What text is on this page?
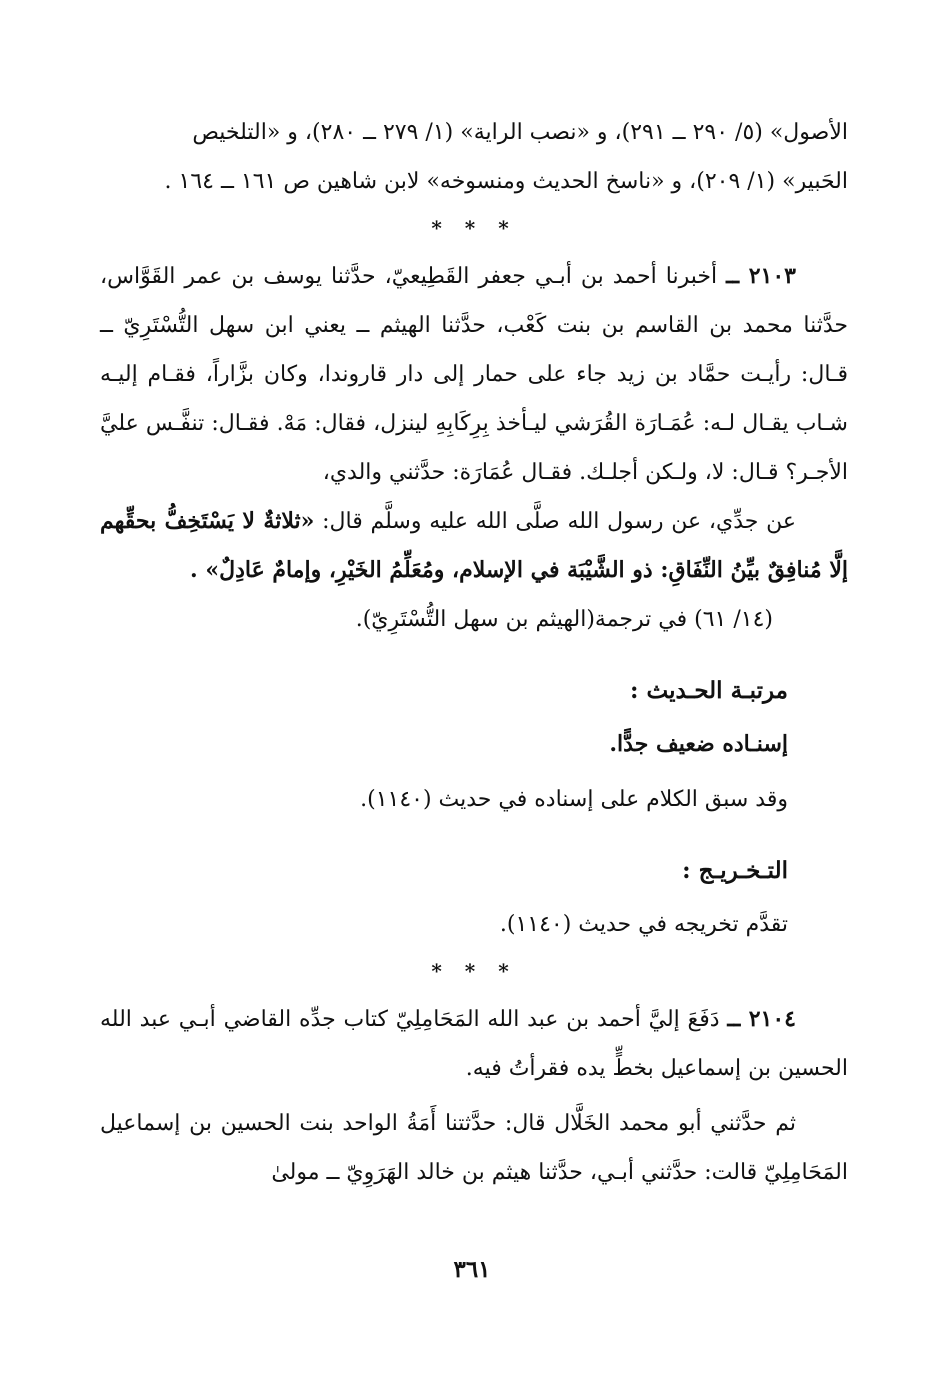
الأصول» (٥/ ٢٩٠ ــ ٢٩١)، و «نصب الراية» (١/ ٢٧٩ ــ ٢٨٠)، و «التلخيص
الحَبير» (١/ ٢٠٩)، و «ناسخ الحديث ومنسوخه» لابن شاهين ص ١٦١ ــ ١٦٤ .

* * *

٢١٠٣ ــ أخبرنا أحمد بن أبـي جعفر القَطِيعيّ، حدَّثنا يوسف بن عمر القَوَّاس، حدَّثنا محمد بن القاسم بن بنت كَعْب، حدَّثنا الهيثم ــ يعني ابن سهل التُّسْتَرِيّ ــ قـال: رأيـت حمَّاد بن زيد جاء على حمار إلى دار قاروندا، وكان بزَّاراً، فقـام إليـه شـاب يقـال لـه: عُمَـارَة القُرَشي ليـأخذ بِرِكَابِهِ لينزل، فقال: مَهْ. فقـال: تنفَّـس عليَّ الأجـر؟ قـال: لا، ولـكن أجلـك. فقـال عُمَارَة: حدَّثني والدي،

عن جدِّي، عن رسول الله صلَّى الله عليه وسلَّم قال: «ثلاثةٌ لا يَسْتَخِفُّ بحقِّهم إلَّا مُنافِقٌ بيِّنُ النِّفَاقِ: ذو الشَّيْبَة في الإسلام، ومُعَلِّمُ الخَيْرِ، وإمامٌ عَادِلٌ» .

(١٤/ ٦١) في ترجمة(الهيثم بن سهل التُّسْتَرِيّ).

مرتبـة الحـديث :

إسنـاده ضعيف جدًّا.

وقد سبق الكلام على إسناده في حديث (١١٤٠).

التـخـريـج :

تقدَّم تخريجه في حديث (١١٤٠).

* * *

٢١٠٤ ــ دَفَعَ إليَّ أحمد بن عبد الله المَحَامِلِيّ كتاب جدِّه القاضي أبـي عبد الله الحسين بن إسماعيل بخطٍّ يده فقرأتُ فيه.

ثم حدَّثني أبو محمد الخَلَّال قال: حدَّثتنا أَمَةُ الواحد بنت الحسين بن إسماعيل المَحَامِلِيّ قالت: حدَّثني أبـي، حدَّثنا هيثم بن خالد الهَرَوِيّ ــ مولىٰ

٣٦١
